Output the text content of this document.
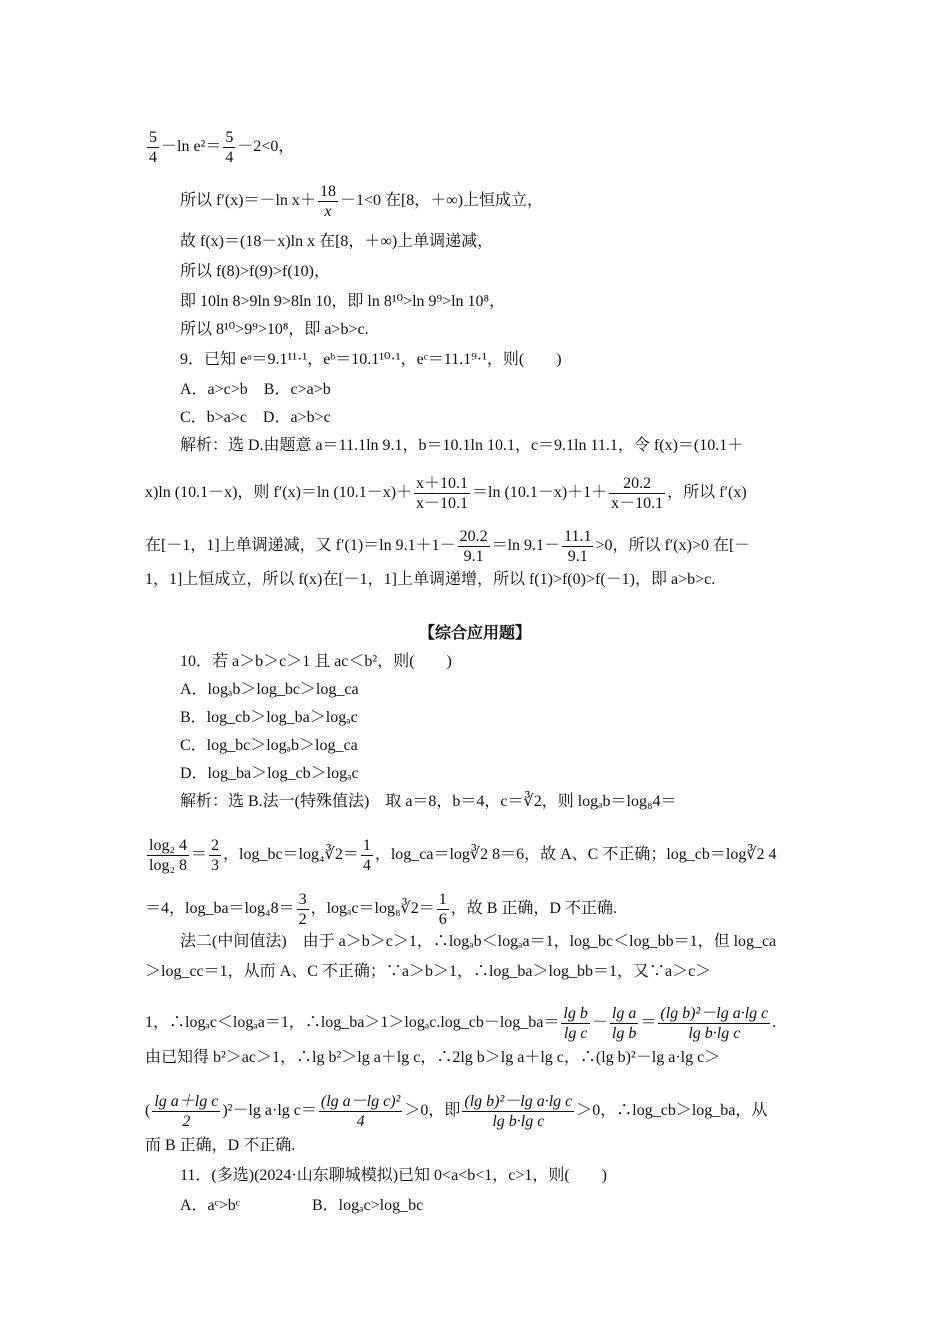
$\frac{5}{4} -\ln$ $e^2= \frac{5}{4} -2<0$，
所以 f′(x)＝－ln $x+ \frac{18}{x} -1<0$ 在[8，＋∞)上恒成立，
故 f(x)＝(18－x)ln x 在[8，＋∞)上单调递减，
所以 f(8)>f(9)>f(10)，
即 10ln 8>9ln 9>8ln 10，即 ln 8¹⁰>ln 9⁹>ln 10⁸，
所以 8¹⁰>9⁹>10⁸，即 a>b>c.
9．已知 eᵃ＝9.1¹¹·¹，eᵇ＝10.1¹⁰·¹，eᶜ＝11.1⁹·¹，则(　　)
A．a>c>b　B．c>a>b
C．b>a>c　D．a>b>c
解析：选 D.由题意 a＝11.1ln 9.1，b＝10.1ln 10.1，c＝9.1ln 11.1，令 f(x)＝(10.1＋
x)ln (10.1－x)，则 f′(x)＝ln $(10.1-x)+ \frac{x+10.1}{x-10.1} =\ln$ $(10.1-x)+1+ \frac{20.2}{x-10.1}$ ，所以 f′(x)
在[－1，1]上单调递减，又 f′(1)＝ln $9.1+1- \frac{20.2}{9.1} =\ln$ $9.1- \frac{11.1}{9.1} >0$，所以 f′(x)>0 在[－
1，1]上恒成立，所以 f(x)在[－1，1]上单调递增，所以 f(1)>f(0)>f(－1)，即 a>b>c.
【综合应用题】
10．若 a＞b＞c＞1 且 ac＜b²，则(　　)
A．logₐb＞log_bc＞log_ca
B．log_cb＞log_ba＞logₐc
C．log_bc＞logₐb＞log_ca
D．log_ba＞log_cb＞logₐc
解析：选 B.法一(特殊值法)　取 a＝8，b＝4，c＝∛2，则 logₐb＝log₈4＝
$\frac{\text{log₂ 4}}{\text{log₂ 8}} = \frac{2}{3}$ ，log_bc＝log₄∛2＝ $\frac{1}{4}$ ，log_ca＝log∛2 8＝6，故 A、C 不正确；log_cb＝log∛2 4
＝4，log_ba＝log₄8＝ $\frac{3}{2}$ ，logₐc＝log₈∛2＝ $\frac{1}{6}$ ，故 B 正确，D 不正确.
法二(中间值法)　由于 a＞b＞c＞1，∴logₐb＜logₐa＝1，log_bc＜log_bb＝1，但 log_ca
＞log_cc＝1，从而 A、C 不正确；∵a＞b＞1，∴log_ba＞log_bb＝1，又∵a＞c＞
1，∴logₐc＜logₐa＝1，∴log_ba＞1＞logₐc.log_cb－log_ba＝ $\frac{\text{lg b}}{\text{lg c}} - \frac{\text{lg a}}{\text{lg b}} = \frac{\text{(lg b)²－lg a·lg c}}{\text{lg b·lg c}}$ .
由已知得 b²＞ac＞1，∴lg b²＞lg a＋lg c，∴2lg b＞lg a＋lg c，∴(lg b)²－lg a·lg c＞
( $\frac{\text{lg a＋lg c}}{2} )^2-\lg$ a·lg $c= \frac{\text{(lg a－lg c)²}}{4} >0$，即 $\frac{\text{(lg b)²－lg a·lg c}}{\text{lg b·lg c}} >0$，∴log_cb＞log_ba，从
而 B 正确，D 不正确.
11．(多选)(2024·山东聊城模拟)已知 0<a<b<1，c>1，则(　　)
A．aᶜ>bᶜ	B．logₐc>log_bc
